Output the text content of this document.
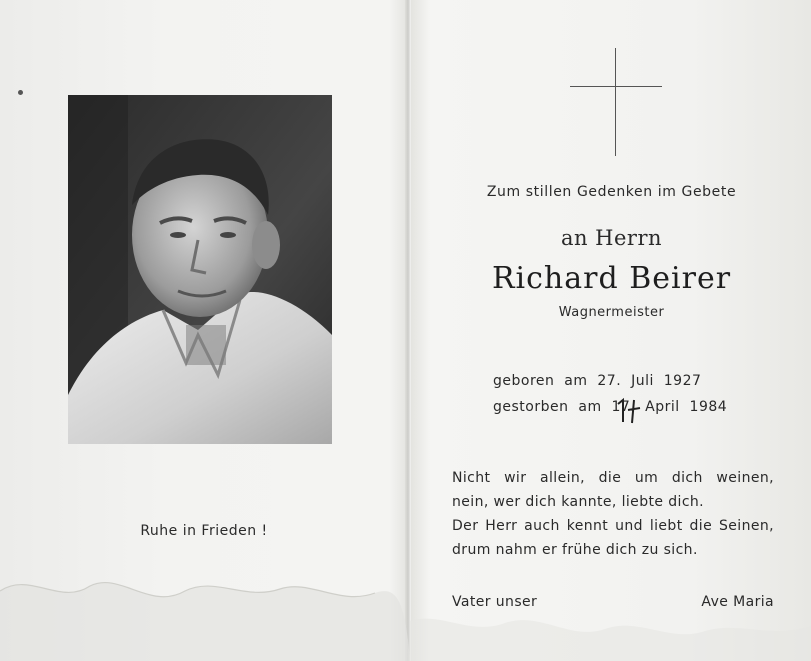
Ruhe in Frieden !
Zum stillen Gedenken im Gebete
an Herrn
Richard Beirer
Wagnermeister
geboren  am  27.  Juli  1927
gestorben  am  17.  April  1984
Nicht wir allein, die um dich weinen,
nein, wer dich kannte, liebte dich.
Der Herr auch kennt und liebt die Seinen,
drum nahm er frühe dich zu sich.
Vater unser	Ave Maria
